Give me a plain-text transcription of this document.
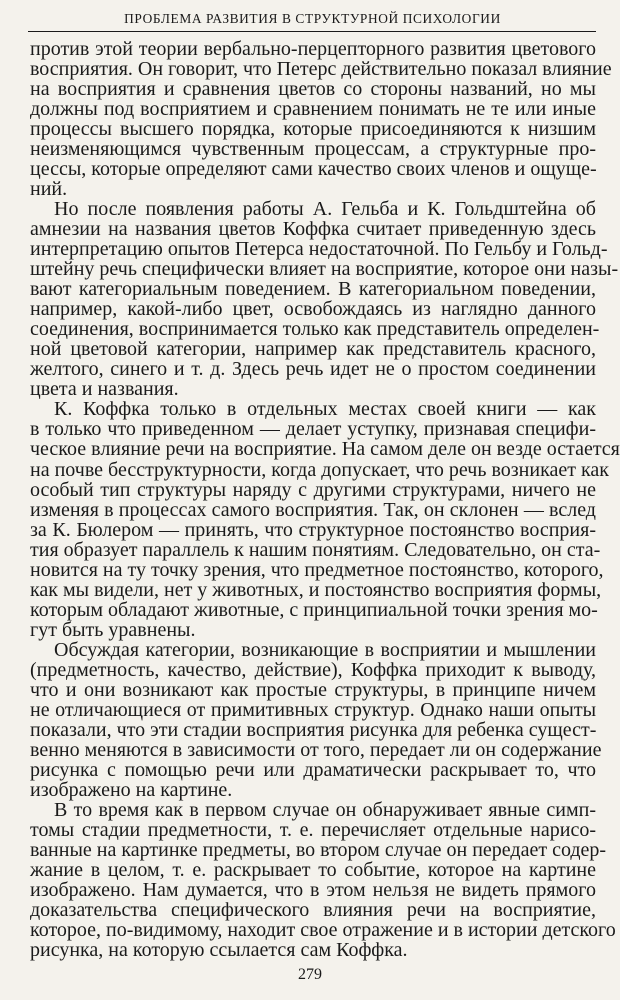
ПРОБЛЕМА РАЗВИТИЯ В СТРУКТУРНОЙ ПСИХОЛОГИИ
против этой теории вербально-перцепторного развития цветового
восприятия. Он говорит, что Петерс действительно показал влияние
на восприятия и сравнения цветов со стороны названий, но мы
должны под восприятием и сравнением понимать не те или иные
процессы высшего порядка, которые присоединяются к низшим
неизменяющимся чувственным процессам, а структурные про-
цессы, которые определяют сами качество своих членов и ощуще-
ний.
Но после появления работы А. Гельба и К. Гольдштейна об
амнезии на названия цветов Коффка считает приведенную здесь
интерпретацию опытов Петерса недостаточной. По Гельбу и Гольд-
штейну речь специфически влияет на восприятие, которое они назы-
вают категориальным поведением. В категориальном поведении,
например, какой-либо цвет, освобождаясь из наглядно данного
соединения, воспринимается только как представитель определен-
ной цветовой категории, например как представитель красного,
желтого, синего и т. д. Здесь речь идет не о простом соединении
цвета и названия.
К. Коффка только в отдельных местах своей книги — как
в только что приведенном — делает уступку, признавая специфи-
ческое влияние речи на восприятие. На самом деле он везде остается
на почве бесструктурности, когда допускает, что речь возникает как
особый тип структуры наряду с другими структурами, ничего не
изменяя в процессах самого восприятия. Так, он склонен — вслед
за К. Бюлером — принять, что структурное постоянство восприя-
тия образует параллель к нашим понятиям. Следовательно, он ста-
новится на ту точку зрения, что предметное постоянство, которого,
как мы видели, нет у животных, и постоянство восприятия формы,
которым обладают животные, с принципиальной точки зрения мо-
гут быть уравнены.
Обсуждая категории, возникающие в восприятии и мышлении
(предметность, качество, действие), Коффка приходит к выводу,
что и они возникают как простые структуры, в принципе ничем
не отличающиеся от примитивных структур. Однако наши опыты
показали, что эти стадии восприятия рисунка для ребенка сущест-
венно меняются в зависимости от того, передает ли он содержание
рисунка с помощью речи или драматически раскрывает то, что
изображено на картине.
В то время как в первом случае он обнаруживает явные симп-
томы стадии предметности, т. е. перечисляет отдельные нарисо-
ванные на картинке предметы, во втором случае он передает содер-
жание в целом, т. е. раскрывает то событие, которое на картине
изображено. Нам думается, что в этом нельзя не видеть прямого
доказательства специфического влияния речи на восприятие,
которое, по-видимому, находит свое отражение и в истории детского
рисунка, на которую ссылается сам Коффка.
279
